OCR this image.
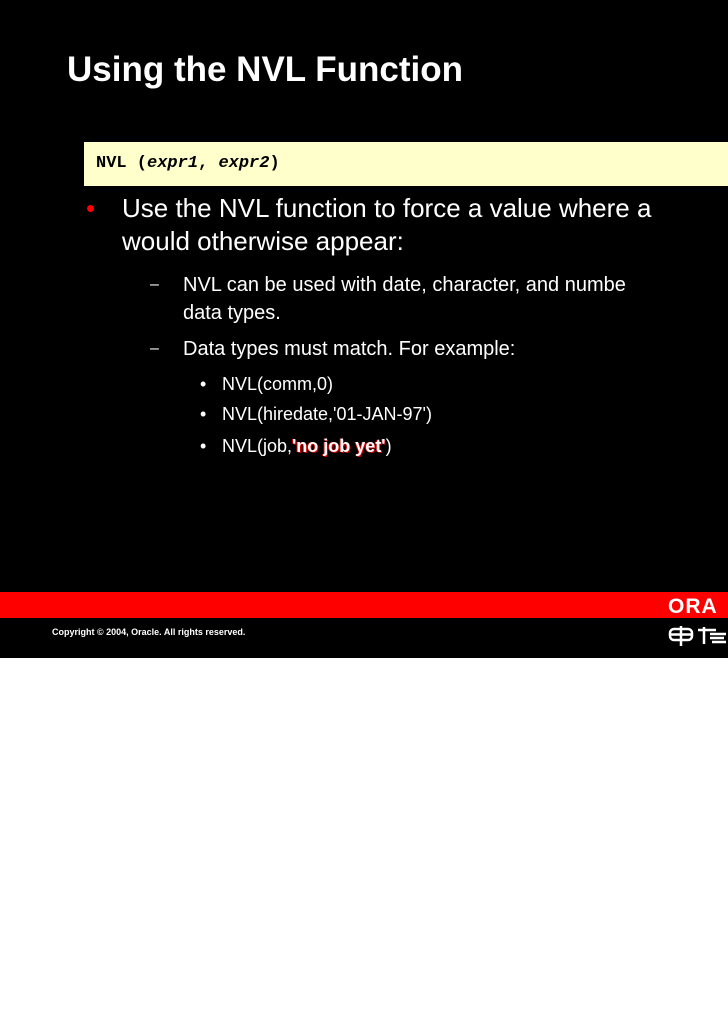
Using the NVL Function
NVL (expr1, expr2)
• Use the NVL function to force a value where a
would otherwise appear:
– NVL can be used with date, character, and numbe
data types.
– Data types must match. For example:
• NVL(comm,0)
• NVL(hiredate,'01-JAN-97')
• NVL(job,'no job yet')
ORA
Copyright © 2004, Oracle. All rights reserved.
